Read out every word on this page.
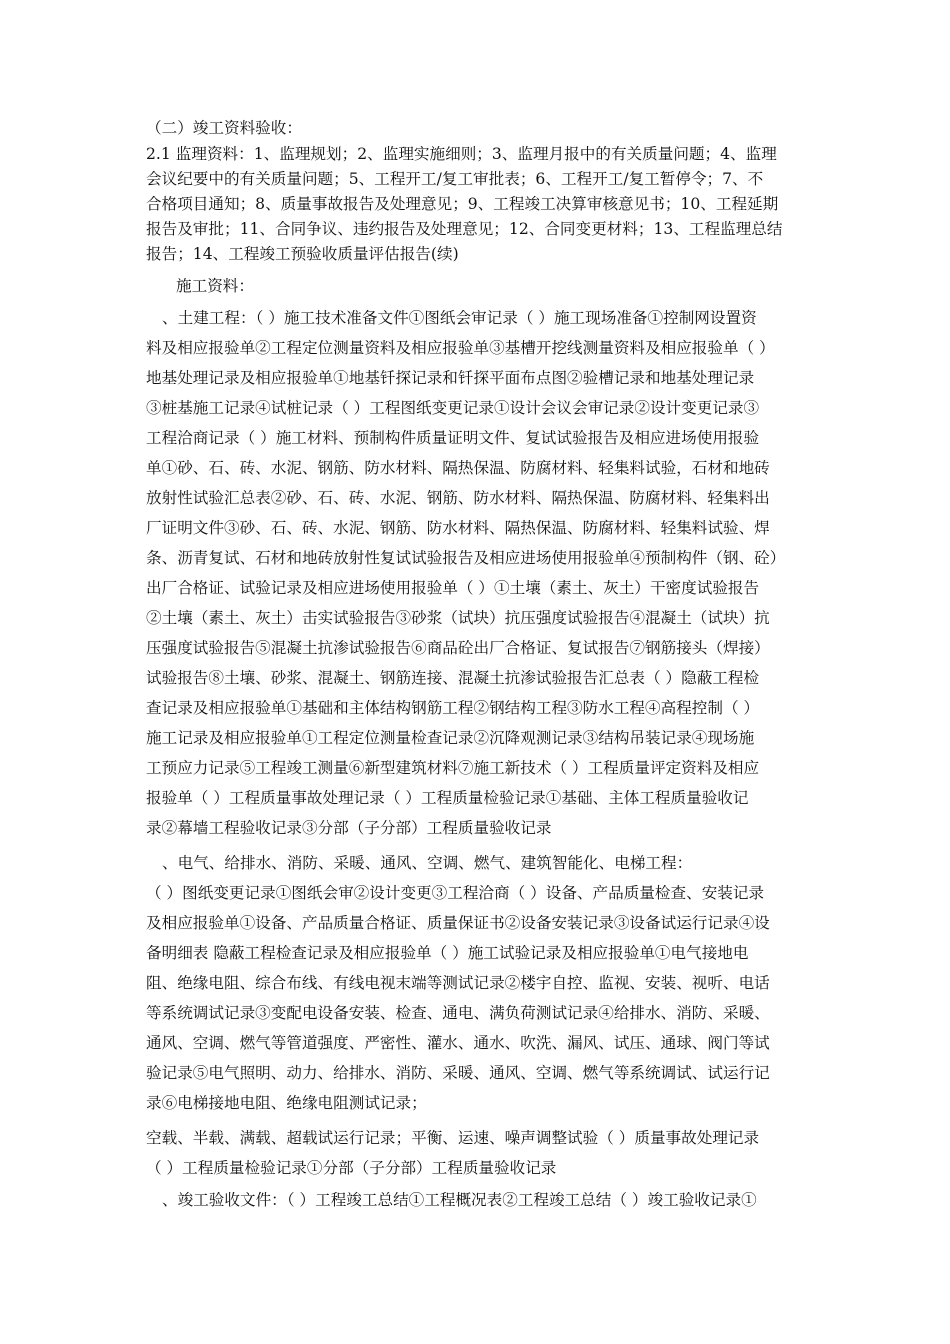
（二）竣工资料验收：
2.1 监理资料：1、监理规划；2、监理实施细则；3、监理月报中的有关质量问题；4、监理
会议纪要中的有关质量问题；5、工程开工/复工审批表；6、工程开工/复工暂停令；7、不
合格项目通知；8、质量事故报告及处理意见；9、工程竣工决算审核意见书；10、工程延期
报告及审批；11、合同争议、违约报告及处理意见；12、合同变更材料；13、工程监理总结
报告；14、工程竣工预验收质量评估报告(续)
施工资料：
、土建工程：（ ）施工技术准备文件①图纸会审记录（ ）施工现场准备①控制网设置资
料及相应报验单②工程定位测量资料及相应报验单③基槽开挖线测量资料及相应报验单（ ）
地基处理记录及相应报验单①地基钎探记录和钎探平面布点图②验槽记录和地基处理记录
③桩基施工记录④试桩记录（ ）工程图纸变更记录①设计会议会审记录②设计变更记录③
工程洽商记录（ ）施工材料、预制构件质量证明文件、复试试验报告及相应进场使用报验
单①砂、石、砖、水泥、钢筋、防水材料、隔热保温、防腐材料、轻集料试验，石材和地砖
放射性试验汇总表②砂、石、砖、水泥、钢筋、防水材料、隔热保温、防腐材料、轻集料出
厂证明文件③砂、石、砖、水泥、钢筋、防水材料、隔热保温、防腐材料、轻集料试验、焊
条、沥青复试、石材和地砖放射性复试试验报告及相应进场使用报验单④预制构件（钢、砼）
出厂合格证、试验记录及相应进场使用报验单（ ）①土壤（素土、灰土）干密度试验报告
②土壤（素土、灰土）击实试验报告③砂浆（试块）抗压强度试验报告④混凝土（试块）抗
压强度试验报告⑤混凝土抗渗试验报告⑥商品砼出厂合格证、复试报告⑦钢筋接头（焊接）
试验报告⑧土壤、砂浆、混凝土、钢筋连接、混凝土抗渗试验报告汇总表（ ）隐蔽工程检
查记录及相应报验单①基础和主体结构钢筋工程②钢结构工程③防水工程④高程控制（ ）
施工记录及相应报验单①工程定位测量检查记录②沉降观测记录③结构吊装记录④现场施
工预应力记录⑤工程竣工测量⑥新型建筑材料⑦施工新技术（ ）工程质量评定资料及相应
报验单（ ）工程质量事故处理记录（ ）工程质量检验记录①基础、主体工程质量验收记
录②幕墙工程验收记录③分部（子分部）工程质量验收记录
、电气、给排水、消防、采暖、通风、空调、燃气、建筑智能化、电梯工程：
（ ）图纸变更记录①图纸会审②设计变更③工程洽商（ ）设备、产品质量检查、安装记录
及相应报验单①设备、产品质量合格证、质量保证书②设备安装记录③设备试运行记录④设
备明细表 隐蔽工程检查记录及相应报验单（ ）施工试验记录及相应报验单①电气接地电
阻、绝缘电阻、综合布线、有线电视末端等测试记录②楼宇自控、监视、安装、视听、电话
等系统调试记录③变配电设备安装、检查、通电、满负荷测试记录④给排水、消防、采暖、
通风、空调、燃气等管道强度、严密性、灌水、通水、吹洗、漏风、试压、通球、阀门等试
验记录⑤电气照明、动力、给排水、消防、采暖、通风、空调、燃气等系统调试、试运行记
录⑥电梯接地电阻、绝缘电阻测试记录；
空载、半载、满载、超载试运行记录；平衡、运速、噪声调整试验（ ）质量事故处理记录
（ ）工程质量检验记录①分部（子分部）工程质量验收记录
、竣工验收文件：（ ）工程竣工总结①工程概况表②工程竣工总结（ ）竣工验收记录①
